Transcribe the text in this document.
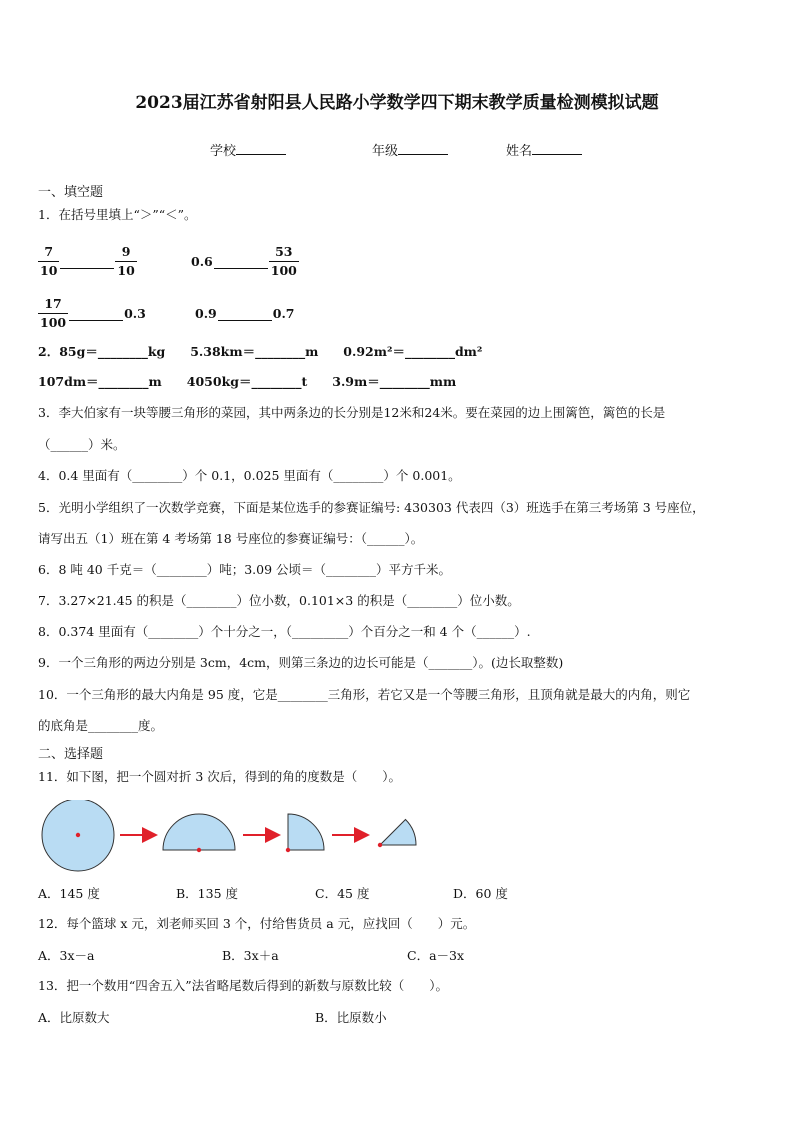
2023届江苏省射阳县人民路小学数学四下期末教学质量检测模拟试题
学校	年级	姓名
一、填空题
1．在括号里填上“＞”“＜”。
$\frac{7}{10}$	$\frac{9}{10}$	0.6	$\frac{53}{100}$
$\frac{17}{100}$	0.3	0.9	0.7
2．85g＝________kg　　5.38km＝________m　　0.92m²＝________dm²
107dm＝________m　　4050kg＝________t　　3.9m＝________mm
3．李大伯家有一块等腰三角形的菜园，其中两条边的长分别是12米和24米。要在菜园的边上围篱笆，篱笆的长是
（______）米。
4．0.4 里面有（________）个 0.1，0.025 里面有（________）个 0.001。
5．光明小学组织了一次数学竞赛，下面是某位选手的参赛证编号: 430303 代表四（3）班选手在第三考场第 3 号座位，
请写出五（1）班在第 4 考场第 18 号座位的参赛证编号：（______）。
6．8 吨 40 千克＝（________）吨；3.09 公顷＝（________）平方千米。
7．3.27×21.45 的积是（________）位小数，0.101×3 的积是（________）位小数。
8．0.374 里面有（________）个十分之一，（_________）个百分之一和 4 个（______）.
9．一个三角形的两边分别是 3cm，4cm，则第三条边的边长可能是（_______）。(边长取整数)
10．一个三角形的最大内角是 95 度，它是________三角形，若它又是一个等腰三角形，且顶角就是最大的内角，则它
的底角是________度。
二、选择题
11．如下图，把一个圆对折 3 次后，得到的角的度数是（　　）。
A．145 度	B．135 度	C．45 度	D．60 度
12．每个篮球 x 元，刘老师买回 3 个，付给售货员 a 元，应找回（　　）元。
A．3x－a	B．3x＋a	C．a－3x
13．把一个数用“四舍五入”法省略尾数后得到的新数与原数比较（　　）。
A．比原数大	B．比原数小
